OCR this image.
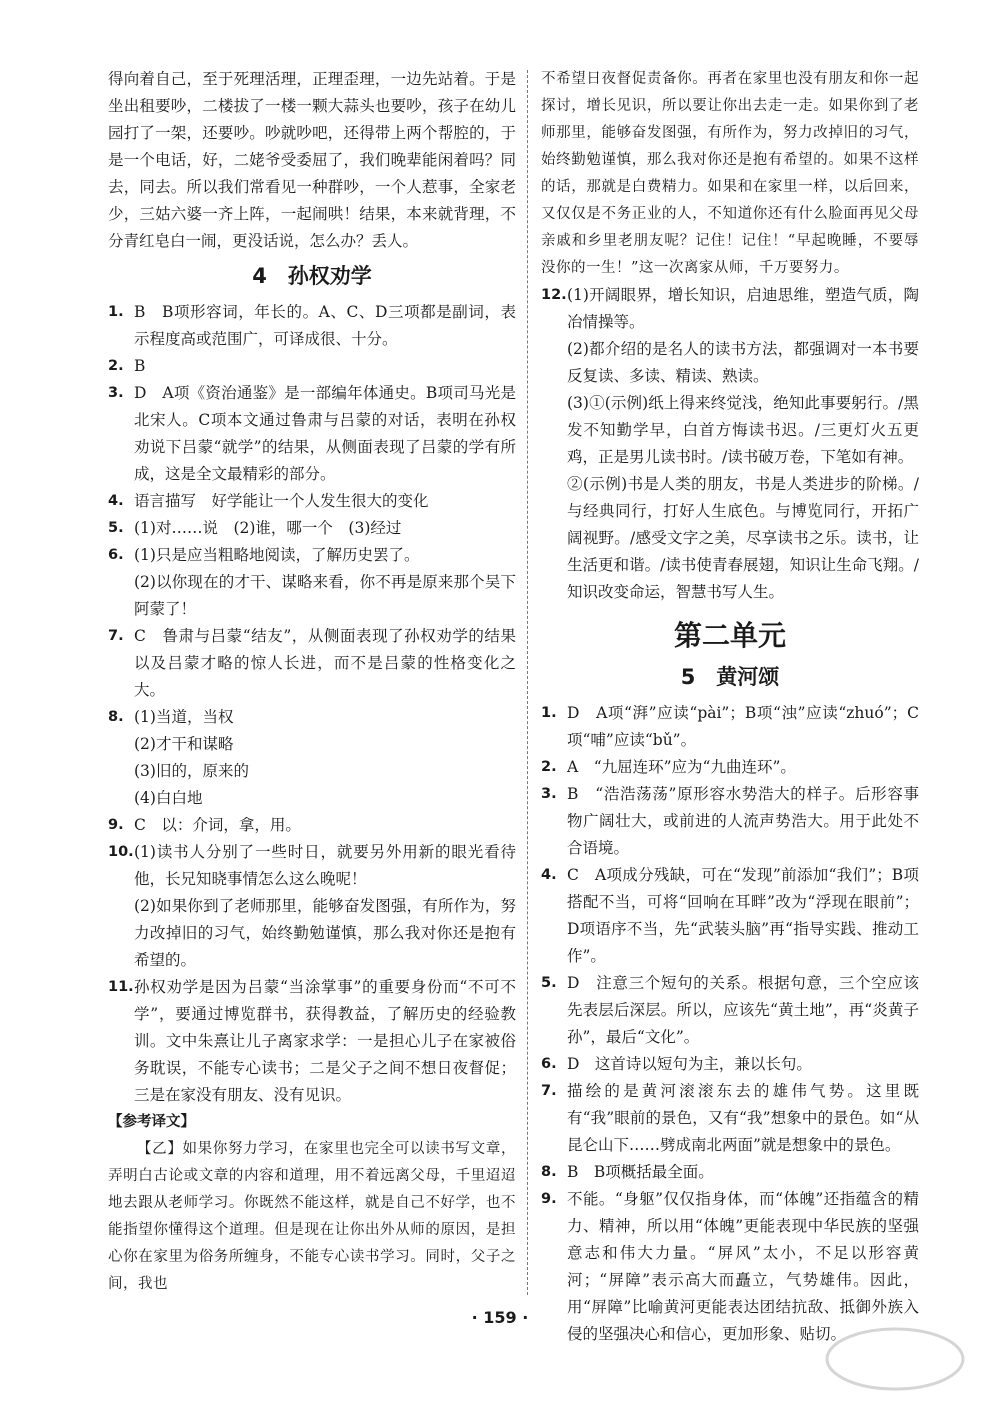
得向着自己，至于死理活理，正理歪理，一边先站着。于是坐出租要吵，二楼拔了一楼一颗大蒜头也要吵，孩子在幼儿园打了一架，还要吵。吵就吵吧，还得带上两个帮腔的，于是一个电话，好，二姥爷受委屈了，我们晚辈能闲着吗？同去，同去。所以我们常看见一种群吵，一个人惹事，全家老少，三姑六婆一齐上阵，一起闹哄！结果，本来就背理，不分青红皂白一闹，更没话说，怎么办？丢人。

4　孙权劝学
1. B　B项形容词，年长的。A、C、D三项都是副词，表示程度高或范围广，可译成很、十分。
2. B
3. D　A项《资治通鉴》是一部编年体通史。B项司马光是北宋人。C项本文通过鲁肃与吕蒙的对话，表明在孙权劝说下吕蒙“就学”的结果，从侧面表现了吕蒙的学有所成，这是全文最精彩的部分。
4. 语言描写　好学能让一个人发生很大的变化
5. (1)对……说　(2)谁，哪一个　(3)经过
6. (1)只是应当粗略地阅读，了解历史罢了。

(2)以你现在的才干、谋略来看，你不再是原来那个吴下阿蒙了！

7. C　鲁肃与吕蒙“结友”，从侧面表现了孙权劝学的结果以及吕蒙才略的惊人长进，而不是吕蒙的性格变化之大。
8. (1)当道，当权

(2)才干和谋略

(3)旧的，原来的

(4)白白地

9. C　以：介词，拿，用。
10. (1)读书人分别了一些时日，就要另外用新的眼光看待他，长兄知晓事情怎么这么晚呢！

(2)如果你到了老师那里，能够奋发图强，有所作为，努力改掉旧的习气，始终勤勉谨慎，那么我对你还是抱有希望的。

11. 孙权劝学是因为吕蒙“当涂掌事”的重要身份而“不可不学”，要通过博览群书，获得教益，了解历史的经验教训。文中朱熹让儿子离家求学：一是担心儿子在家被俗务耽误，不能专心读书；二是父子之间不想日夜督促；三是在家没有朋友、没有见识。

【参考译文】

【乙】如果你努力学习，在家里也完全可以读书写文章，弄明白古论或文章的内容和道理，用不着远离父母，千里迢迢地去跟从老师学习。你既然不能这样，就是自己不好学，也不能指望你懂得这个道理。但是现在让你出外从师的原因，是担心你在家里为俗务所缠身，不能专心读书学习。同时，父子之间，我也

不希望日夜督促责备你。再者在家里也没有朋友和你一起探讨，增长见识，所以要让你出去走一走。如果你到了老师那里，能够奋发图强，有所作为，努力改掉旧的习气，始终勤勉谨慎，那么我对你还是抱有希望的。如果不这样的话，那就是白费精力。如果和在家里一样，以后回来，又仅仅是不务正业的人，不知道你还有什么脸面再见父母亲戚和乡里老朋友呢？记住！记住！“早起晚睡，不要辱没你的一生！”这一次离家从师，千万要努力。

12. (1)开阔眼界，增长知识，启迪思维，塑造气质，陶冶情操等。

(2)都介绍的是名人的读书方法，都强调对一本书要反复读、多读、精读、熟读。

(3)①(示例)纸上得来终觉浅，绝知此事要躬行。/黑发不知勤学早，白首方悔读书迟。/三更灯火五更鸡，正是男儿读书时。/读书破万卷，下笔如有神。

②(示例)书是人类的朋友，书是人类进步的阶梯。/与经典同行，打好人生底色。与博览同行，开拓广阔视野。/感受文字之美，尽享读书之乐。读书，让生活更和谐。/读书使青春展翅，知识让生命飞翔。/知识改变命运，智慧书写人生。

第二单元
5　黄河颂
1. D　A项“湃”应读“pài”；B项“浊”应读“zhuó”；C项“哺”应读“bǔ”。
2. A　“九屈连环”应为“九曲连环”。
3. B　“浩浩荡荡”原形容水势浩大的样子。后形容事物广阔壮大，或前进的人流声势浩大。用于此处不合语境。
4. C　A项成分残缺，可在“发现”前添加“我们”；B项搭配不当，可将“回响在耳畔”改为“浮现在眼前”；D项语序不当，先“武装头脑”再“指导实践、推动工作”。
5. D　注意三个短句的关系。根据句意，三个空应该先表层后深层。所以，应该先“黄土地”，再“炎黄子孙”，最后“文化”。
6. D　这首诗以短句为主，兼以长句。
7. 描绘的是黄河滚滚东去的雄伟气势。这里既有“我”眼前的景色，又有“我”想象中的景色。如“从昆仑山下……劈成南北两面”就是想象中的景色。
8. B　B项概括最全面。
9. 不能。“身躯”仅仅指身体，而“体魄”还指蕴含的精力、精神，所以用“体魄”更能表现中华民族的坚强意志和伟大力量。“屏风”太小，不足以形容黄河；“屏障”表示高大而矗立，气势雄伟。因此，用“屏障”比喻黄河更能表达团结抗敌、抵御外族入侵的坚强决心和信心，更加形象、贴切。
· 159 ·
